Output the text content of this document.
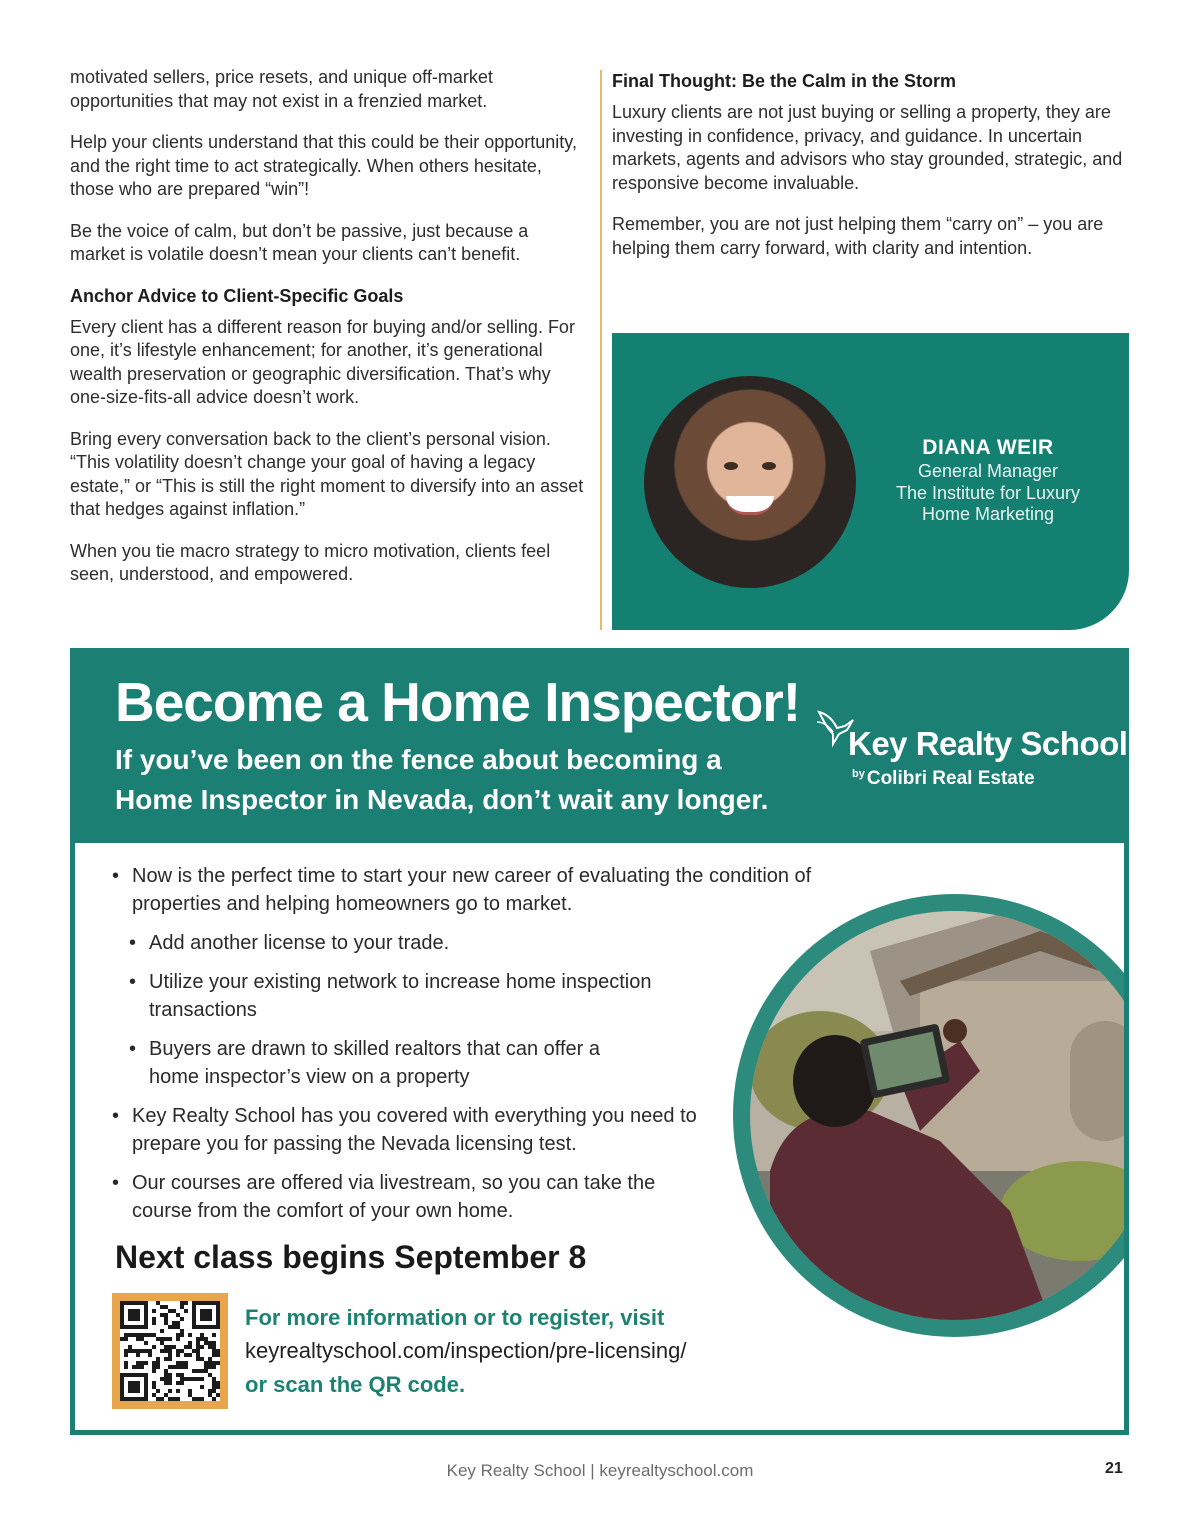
motivated sellers, price resets, and unique off-market opportunities that may not exist in a frenzied market.

Help your clients understand that this could be their opportunity, and the right time to act strategically. When others hesitate, those who are prepared “win”!

Be the voice of calm, but don’t be passive, just because a market is volatile doesn’t mean your clients can’t benefit.

Anchor Advice to Client-Specific Goals

Every client has a different reason for buying and/or selling. For one, it’s lifestyle enhancement; for another, it’s generational wealth preservation or geographic diversification. That’s why one-size-fits-all advice doesn’t work.

Bring every conversation back to the client’s personal vision. “This volatility doesn’t change your goal of having a legacy estate,” or “This is still the right moment to diversify into an asset that hedges against inflation.”

When you tie macro strategy to micro motivation, clients feel seen, understood, and empowered.

Final Thought: Be the Calm in the Storm

Luxury clients are not just buying or selling a property, they are investing in confidence, privacy, and guidance. In uncertain markets, agents and advisors who stay grounded, strategic, and responsive become invaluable.

Remember, you are not just helping them “carry on” – you are helping them carry forward, with clarity and intention.

DIANA WEIR
General Manager
The Institute for Luxury
Home Marketing
Become a Home Inspector!
If you’ve been on the fence about becoming a
Home Inspector in Nevada, don’t wait any longer.
Key Realty School
$^{by}$ Colibri Real Estate
• Now is the perfect time to start your new career of evaluating the condition of properties and helping homeowners go to market.
• Add another license to your trade.
• Utilize your existing network to increase home inspection transactions
• Buyers are drawn to skilled realtors that can offer a home inspector’s view on a property
• Key Realty School has you covered with everything you need to prepare you for passing the Nevada licensing test.
• Our courses are offered via livestream, so you can take the course from the comfort of your own home.
Next class begins September 8
For more information or to register, visit
keyrealtyschool.com/inspection/pre-licensing/
or scan the QR code.
Key Realty School | keyrealtyschool.com	21
